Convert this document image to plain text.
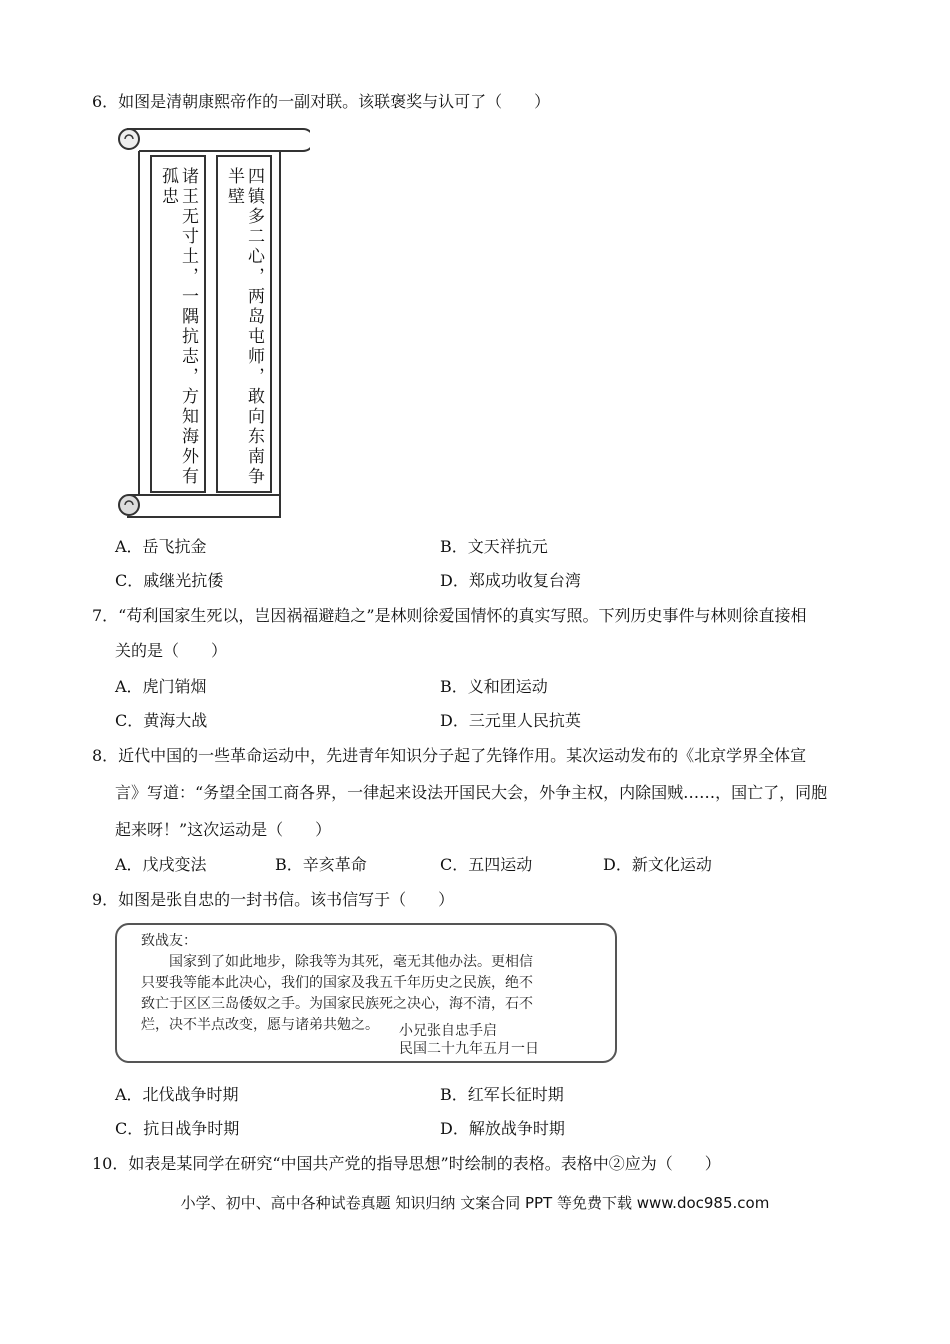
6．如图是清朝康熙帝作的一副对联。该联褒奖与认可了（　　）
诸王无寸土，一隅抗志，方知海外有孤忠	四镇多二心，两岛屯师，敢向东南争半壁
A．岳飞抗金	B．文天祥抗元
C．戚继光抗倭	D．郑成功收复台湾
7．“苟利国家生死以，岂因祸福避趋之”是林则徐爱国情怀的真实写照。下列历史事件与林则徐直接相
关的是（　　）
A．虎门销烟	B．义和团运动
C．黄海大战	D．三元里人民抗英
8．近代中国的一些革命运动中，先进青年知识分子起了先锋作用。某次运动发布的《北京学界全体宣
言》写道：“务望全国工商各界，一律起来设法开国民大会，外争主权，内除国贼……，国亡了，同胞
起来呀！”这次运动是（　　）
A．戊戌变法	B．辛亥革命	C．五四运动	D．新文化运动
9．如图是张自忠的一封书信。该书信写于（　　）
致战友：
国家到了如此地步，除我等为其死，毫无其他办法。更相信
只要我等能本此决心，我们的国家及我五千年历史之民族，绝不
致亡于区区三岛倭奴之手。为国家民族死之决心，海不清，石不
烂，决不半点改变，愿与诸弟共勉之。 小兄张自忠手启
民国二十九年五月一日
A．北伐战争时期	B．红军长征时期
C．抗日战争时期	D．解放战争时期
10．如表是某同学在研究“中国共产党的指导思想”时绘制的表格。表格中②应为（　　）
小学、初中、高中各种试卷真题 知识归纳 文案合同 PPT 等免费下载 www.doc985.com
